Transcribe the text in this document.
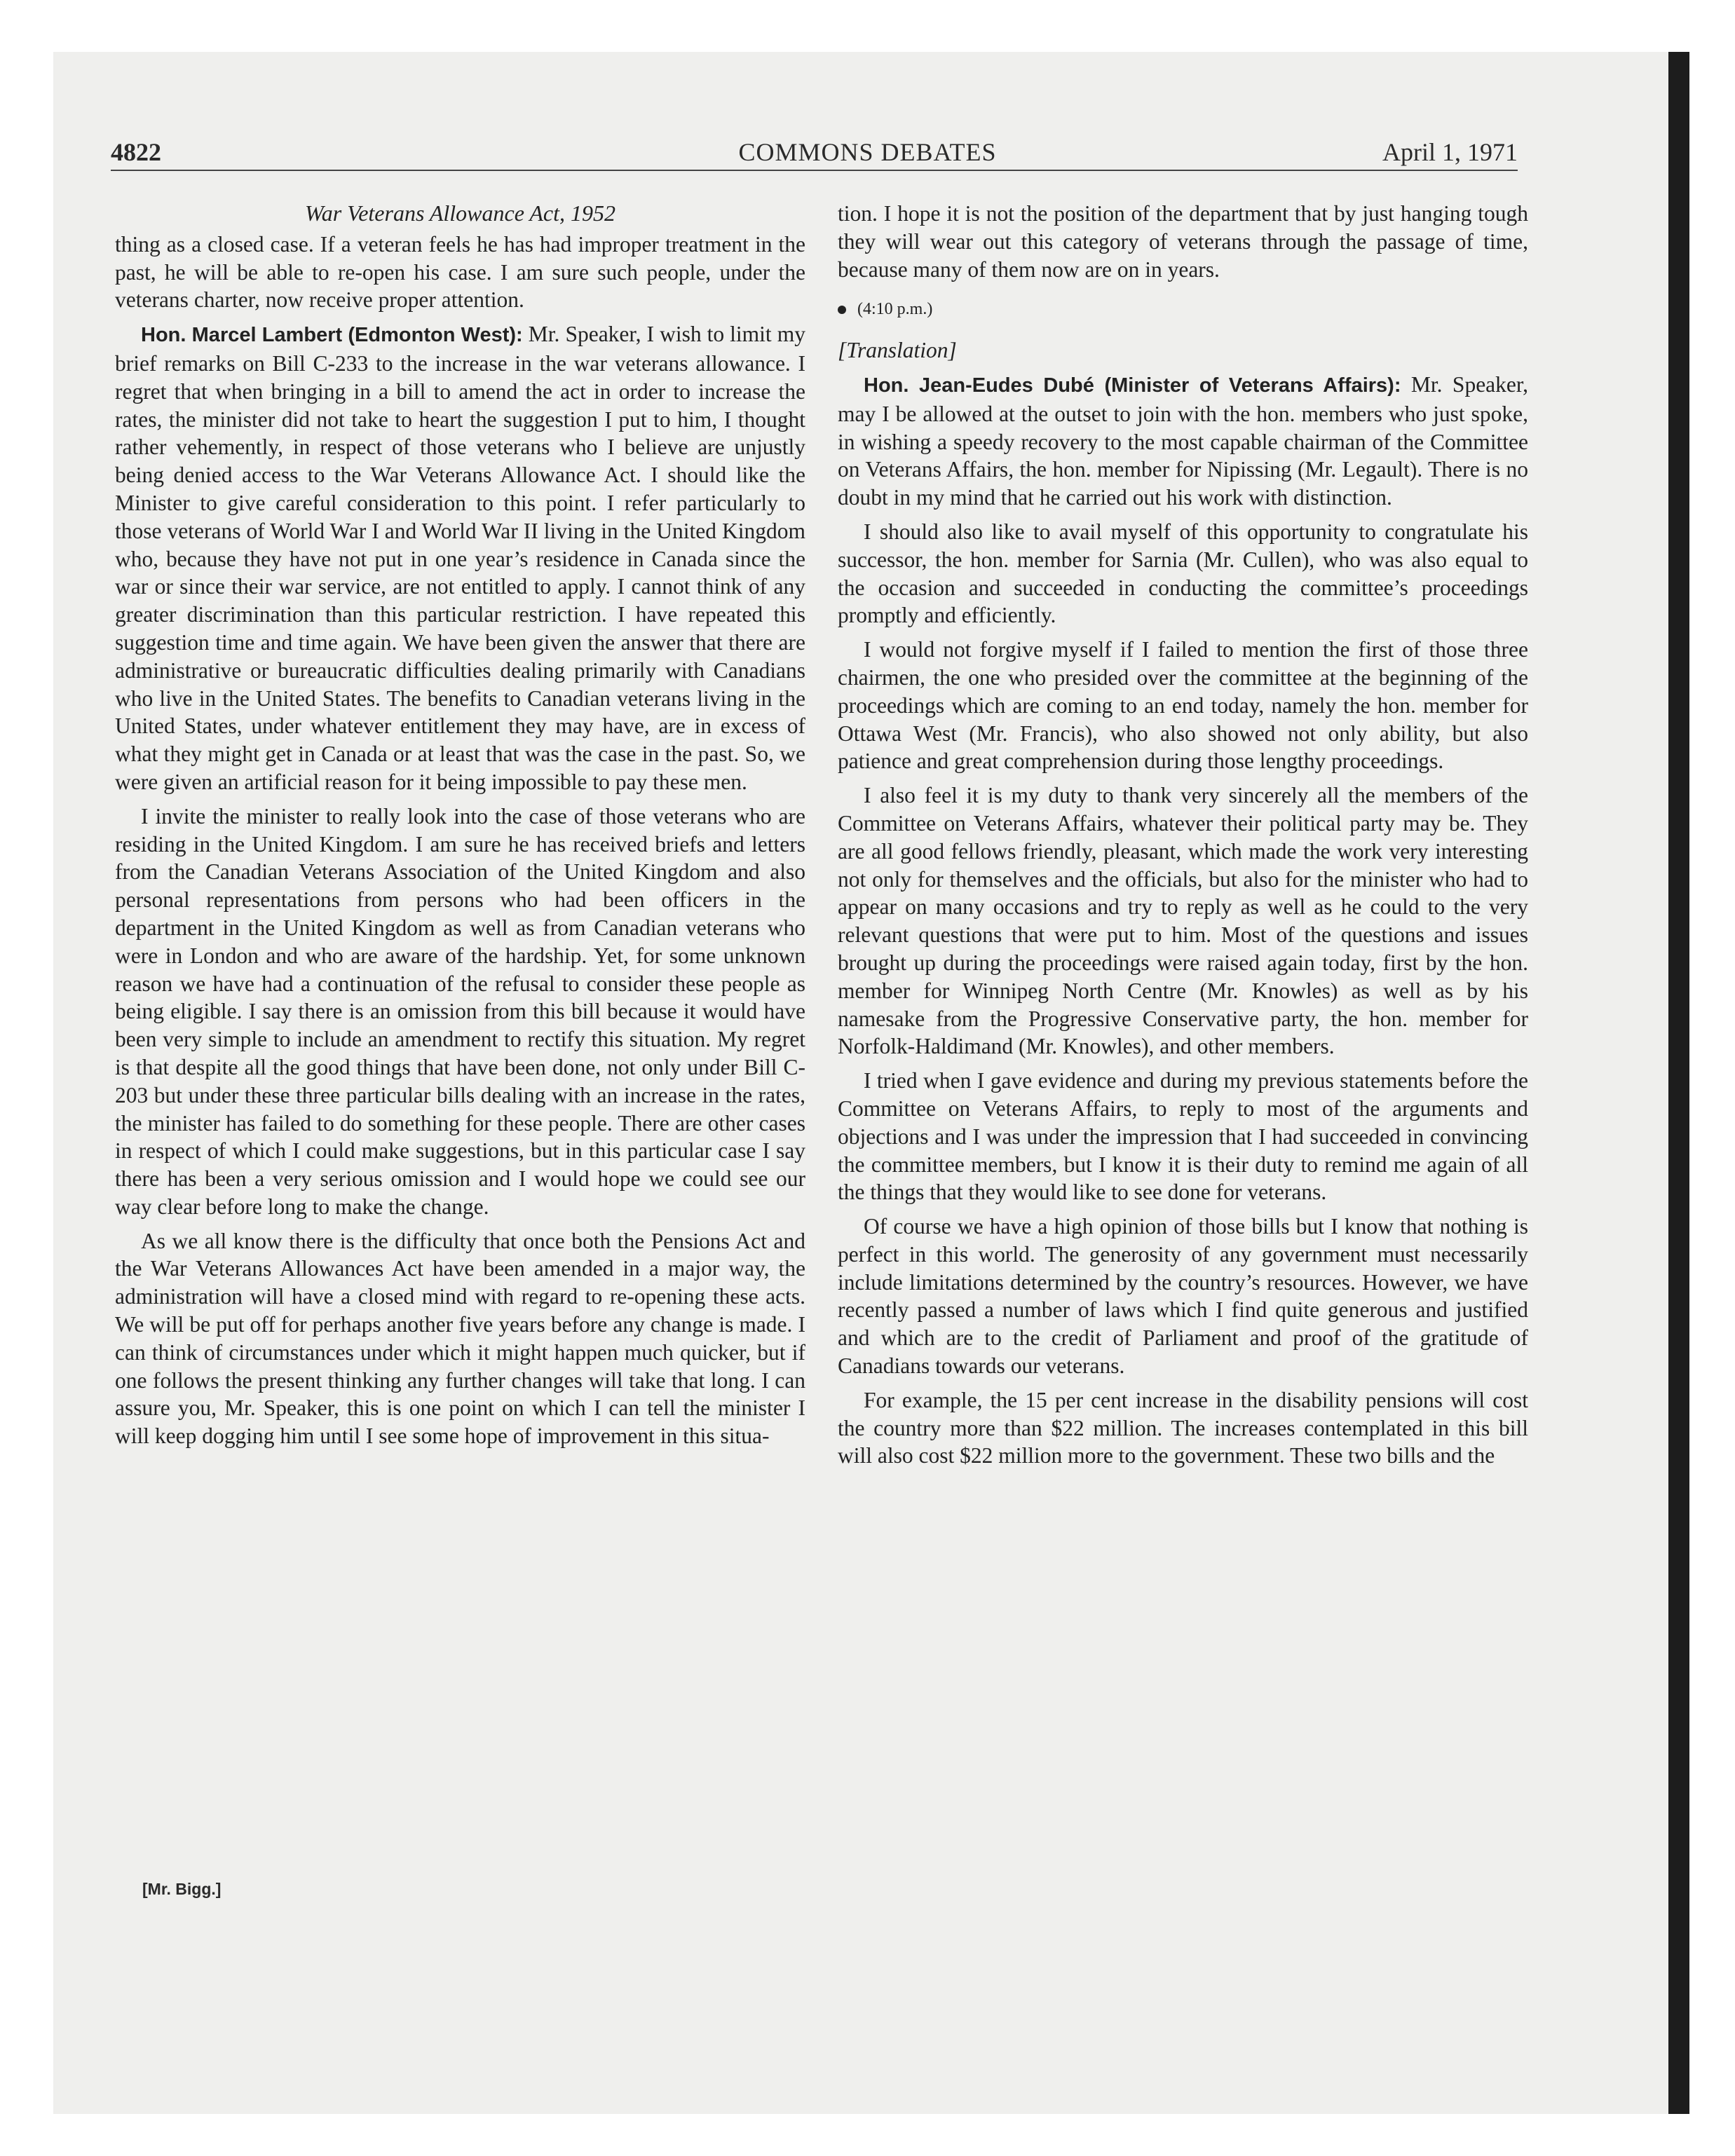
4822	COMMONS DEBATES	April 1, 1971
War Veterans Allowance Act, 1952

thing as a closed case. If a veteran feels he has had improper treatment in the past, he will be able to re-open his case. I am sure such people, under the veterans charter, now receive proper attention.

Hon. Marcel Lambert (Edmonton West): Mr. Speaker, I wish to limit my brief remarks on Bill C-233 to the increase in the war veterans allowance. I regret that when bringing in a bill to amend the act in order to increase the rates, the minister did not take to heart the suggestion I put to him, I thought rather vehemently, in respect of those veterans who I believe are unjustly being denied access to the War Veterans Allowance Act. I should like the Minister to give careful consideration to this point. I refer particularly to those veterans of World War I and World War II living in the United Kingdom who, because they have not put in one year’s residence in Canada since the war or since their war service, are not entitled to apply. I cannot think of any greater discrimination than this particular restriction. I have repeated this suggestion time and time again. We have been given the answer that there are administrative or bureaucratic difficulties dealing primarily with Canadians who live in the United States. The benefits to Canadian veterans living in the United States, under whatever entitlement they may have, are in excess of what they might get in Canada or at least that was the case in the past. So, we were given an artificial reason for it being impossible to pay these men.

I invite the minister to really look into the case of those veterans who are residing in the United Kingdom. I am sure he has received briefs and letters from the Canadian Veterans Association of the United Kingdom and also personal representations from persons who had been officers in the department in the United Kingdom as well as from Canadian veterans who were in London and who are aware of the hardship. Yet, for some unknown reason we have had a continuation of the refusal to consider these people as being eligible. I say there is an omission from this bill because it would have been very simple to include an amendment to rectify this situation. My regret is that despite all the good things that have been done, not only under Bill C-203 but under these three particular bills dealing with an increase in the rates, the minister has failed to do something for these people. There are other cases in respect of which I could make suggestions, but in this particular case I say there has been a very serious omission and I would hope we could see our way clear before long to make the change.

As we all know there is the difficulty that once both the Pensions Act and the War Veterans Allowances Act have been amended in a major way, the administration will have a closed mind with regard to re-opening these acts. We will be put off for perhaps another five years before any change is made. I can think of circumstances under which it might happen much quicker, but if one follows the present thinking any further changes will take that long. I can assure you, Mr. Speaker, this is one point on which I can tell the minister I will keep dogging him until I see some hope of improvement in this situa-

[Mr. Bigg.]

tion. I hope it is not the position of the department that by just hanging tough they will wear out this category of veterans through the passage of time, because many of them now are on in years.

(4:10 p.m.)

[Translation]

Hon. Jean-Eudes Dubé (Minister of Veterans Affairs): Mr. Speaker, may I be allowed at the outset to join with the hon. members who just spoke, in wishing a speedy recovery to the most capable chairman of the Committee on Veterans Affairs, the hon. member for Nipissing (Mr. Legault). There is no doubt in my mind that he carried out his work with distinction.

I should also like to avail myself of this opportunity to congratulate his successor, the hon. member for Sarnia (Mr. Cullen), who was also equal to the occasion and succeeded in conducting the committee’s proceedings promptly and efficiently.

I would not forgive myself if I failed to mention the first of those three chairmen, the one who presided over the committee at the beginning of the proceedings which are coming to an end today, namely the hon. member for Ottawa West (Mr. Francis), who also showed not only ability, but also patience and great comprehension during those lengthy proceedings.

I also feel it is my duty to thank very sincerely all the members of the Committee on Veterans Affairs, whatever their political party may be. They are all good fellows friendly, pleasant, which made the work very interesting not only for themselves and the officials, but also for the minister who had to appear on many occasions and try to reply as well as he could to the very relevant questions that were put to him. Most of the questions and issues brought up during the proceedings were raised again today, first by the hon. member for Winnipeg North Centre (Mr. Knowles) as well as by his namesake from the Progressive Conservative party, the hon. member for Norfolk-Haldimand (Mr. Knowles), and other members.

I tried when I gave evidence and during my previous statements before the Committee on Veterans Affairs, to reply to most of the arguments and objections and I was under the impression that I had succeeded in convincing the committee members, but I know it is their duty to remind me again of all the things that they would like to see done for veterans.

Of course we have a high opinion of those bills but I know that nothing is perfect in this world. The generosity of any government must necessarily include limitations determined by the country’s resources. However, we have recently passed a number of laws which I find quite generous and justified and which are to the credit of Parliament and proof of the gratitude of Canadians towards our veterans.

For example, the 15 per cent increase in the disability pensions will cost the country more than $22 million. The increases contemplated in this bill will also cost $22 million more to the government. These two bills and the
